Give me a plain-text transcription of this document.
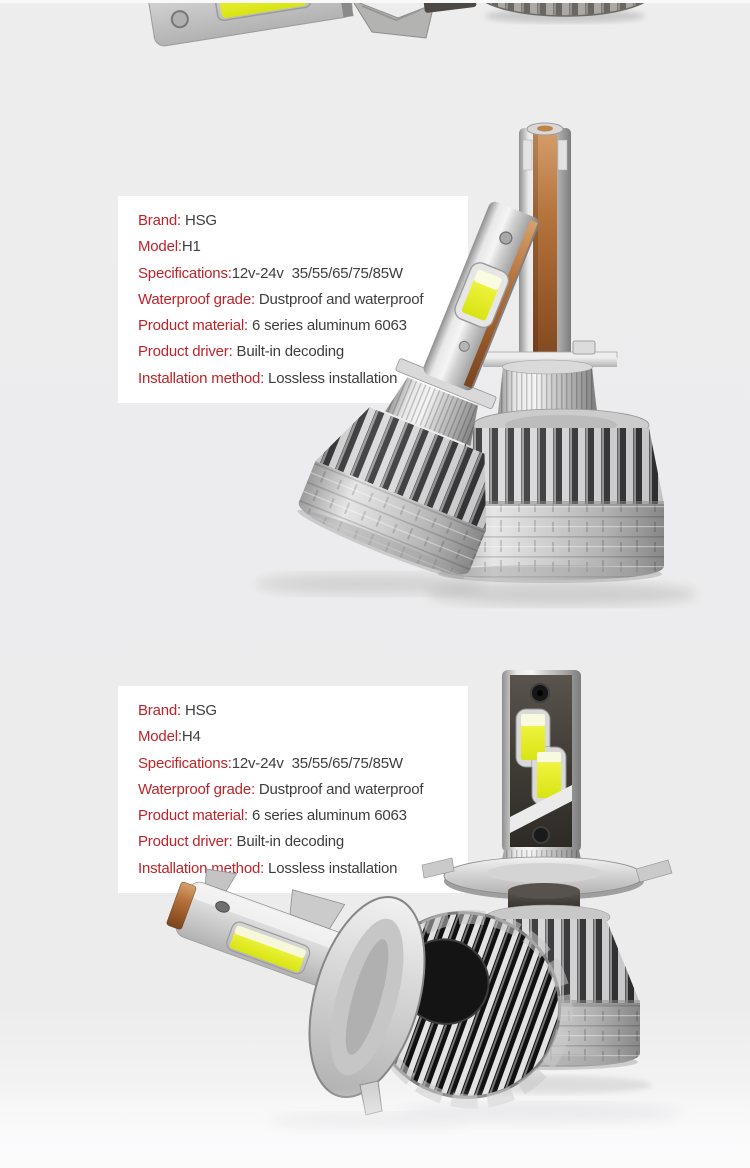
Brand: HSG
Model:H1
Specifications:12v-24v  35/55/65/75/85W
Waterproof grade: Dustproof and waterproof
Product material: 6 series aluminum 6063
Product driver: Built-in decoding
Installation method: Lossless installation
Brand: HSG
Model:H4
Specifications:12v-24v  35/55/65/75/85W
Waterproof grade: Dustproof and waterproof
Product material: 6 series aluminum 6063
Product driver: Built-in decoding
Installation method: Lossless installation
